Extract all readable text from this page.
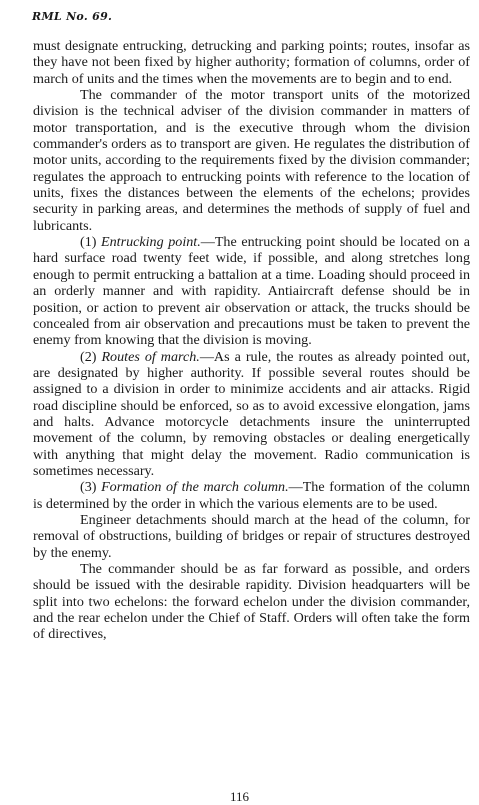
RML No. 69.

must designate entrucking, detrucking and parking points; routes, insofar as they have not been fixed by higher authority; formation of columns, order of march of units and the times when the movements are to begin and to end.

The commander of the motor transport units of the motorized division is the technical adviser of the division commander in matters of motor transportation, and is the executive through whom the division commander's orders as to transport are given. He regulates the distribution of motor units, according to the requirements fixed by the division commander; regulates the approach to entrucking points with reference to the location of units, fixes the distances between the elements of the echelons; provides security in parking areas, and determines the methods of supply of fuel and lubricants.

(1) Entrucking point.—The entrucking point should be located on a hard surface road twenty feet wide, if possible, and along stretches long enough to permit entrucking a battalion at a time. Loading should proceed in an orderly manner and with rapidity. Antiaircraft defense should be in position, or action to prevent air observation or attack, the trucks should be concealed from air observation and precautions must be taken to prevent the enemy from knowing that the division is moving.

(2) Routes of march.—As a rule, the routes as already pointed out, are designated by higher authority. If possible several routes should be assigned to a division in order to minimize accidents and air attacks. Rigid road discipline should be enforced, so as to avoid excessive elongation, jams and halts. Advance motorcycle detachments insure the uninterrupted movement of the column, by removing obstacles or dealing energetically with anything that might delay the movement. Radio communication is sometimes necessary.

(3) Formation of the march column.—The formation of the column is determined by the order in which the various elements are to be used.

Engineer detachments should march at the head of the column, for removal of obstructions, building of bridges or repair of structures destroyed by the enemy.

The commander should be as far forward as possible, and orders should be issued with the desirable rapidity. Division headquarters will be split into two echelons: the forward echelon under the division commander, and the rear echelon under the Chief of Staff. Orders will often take the form of directives,

116
